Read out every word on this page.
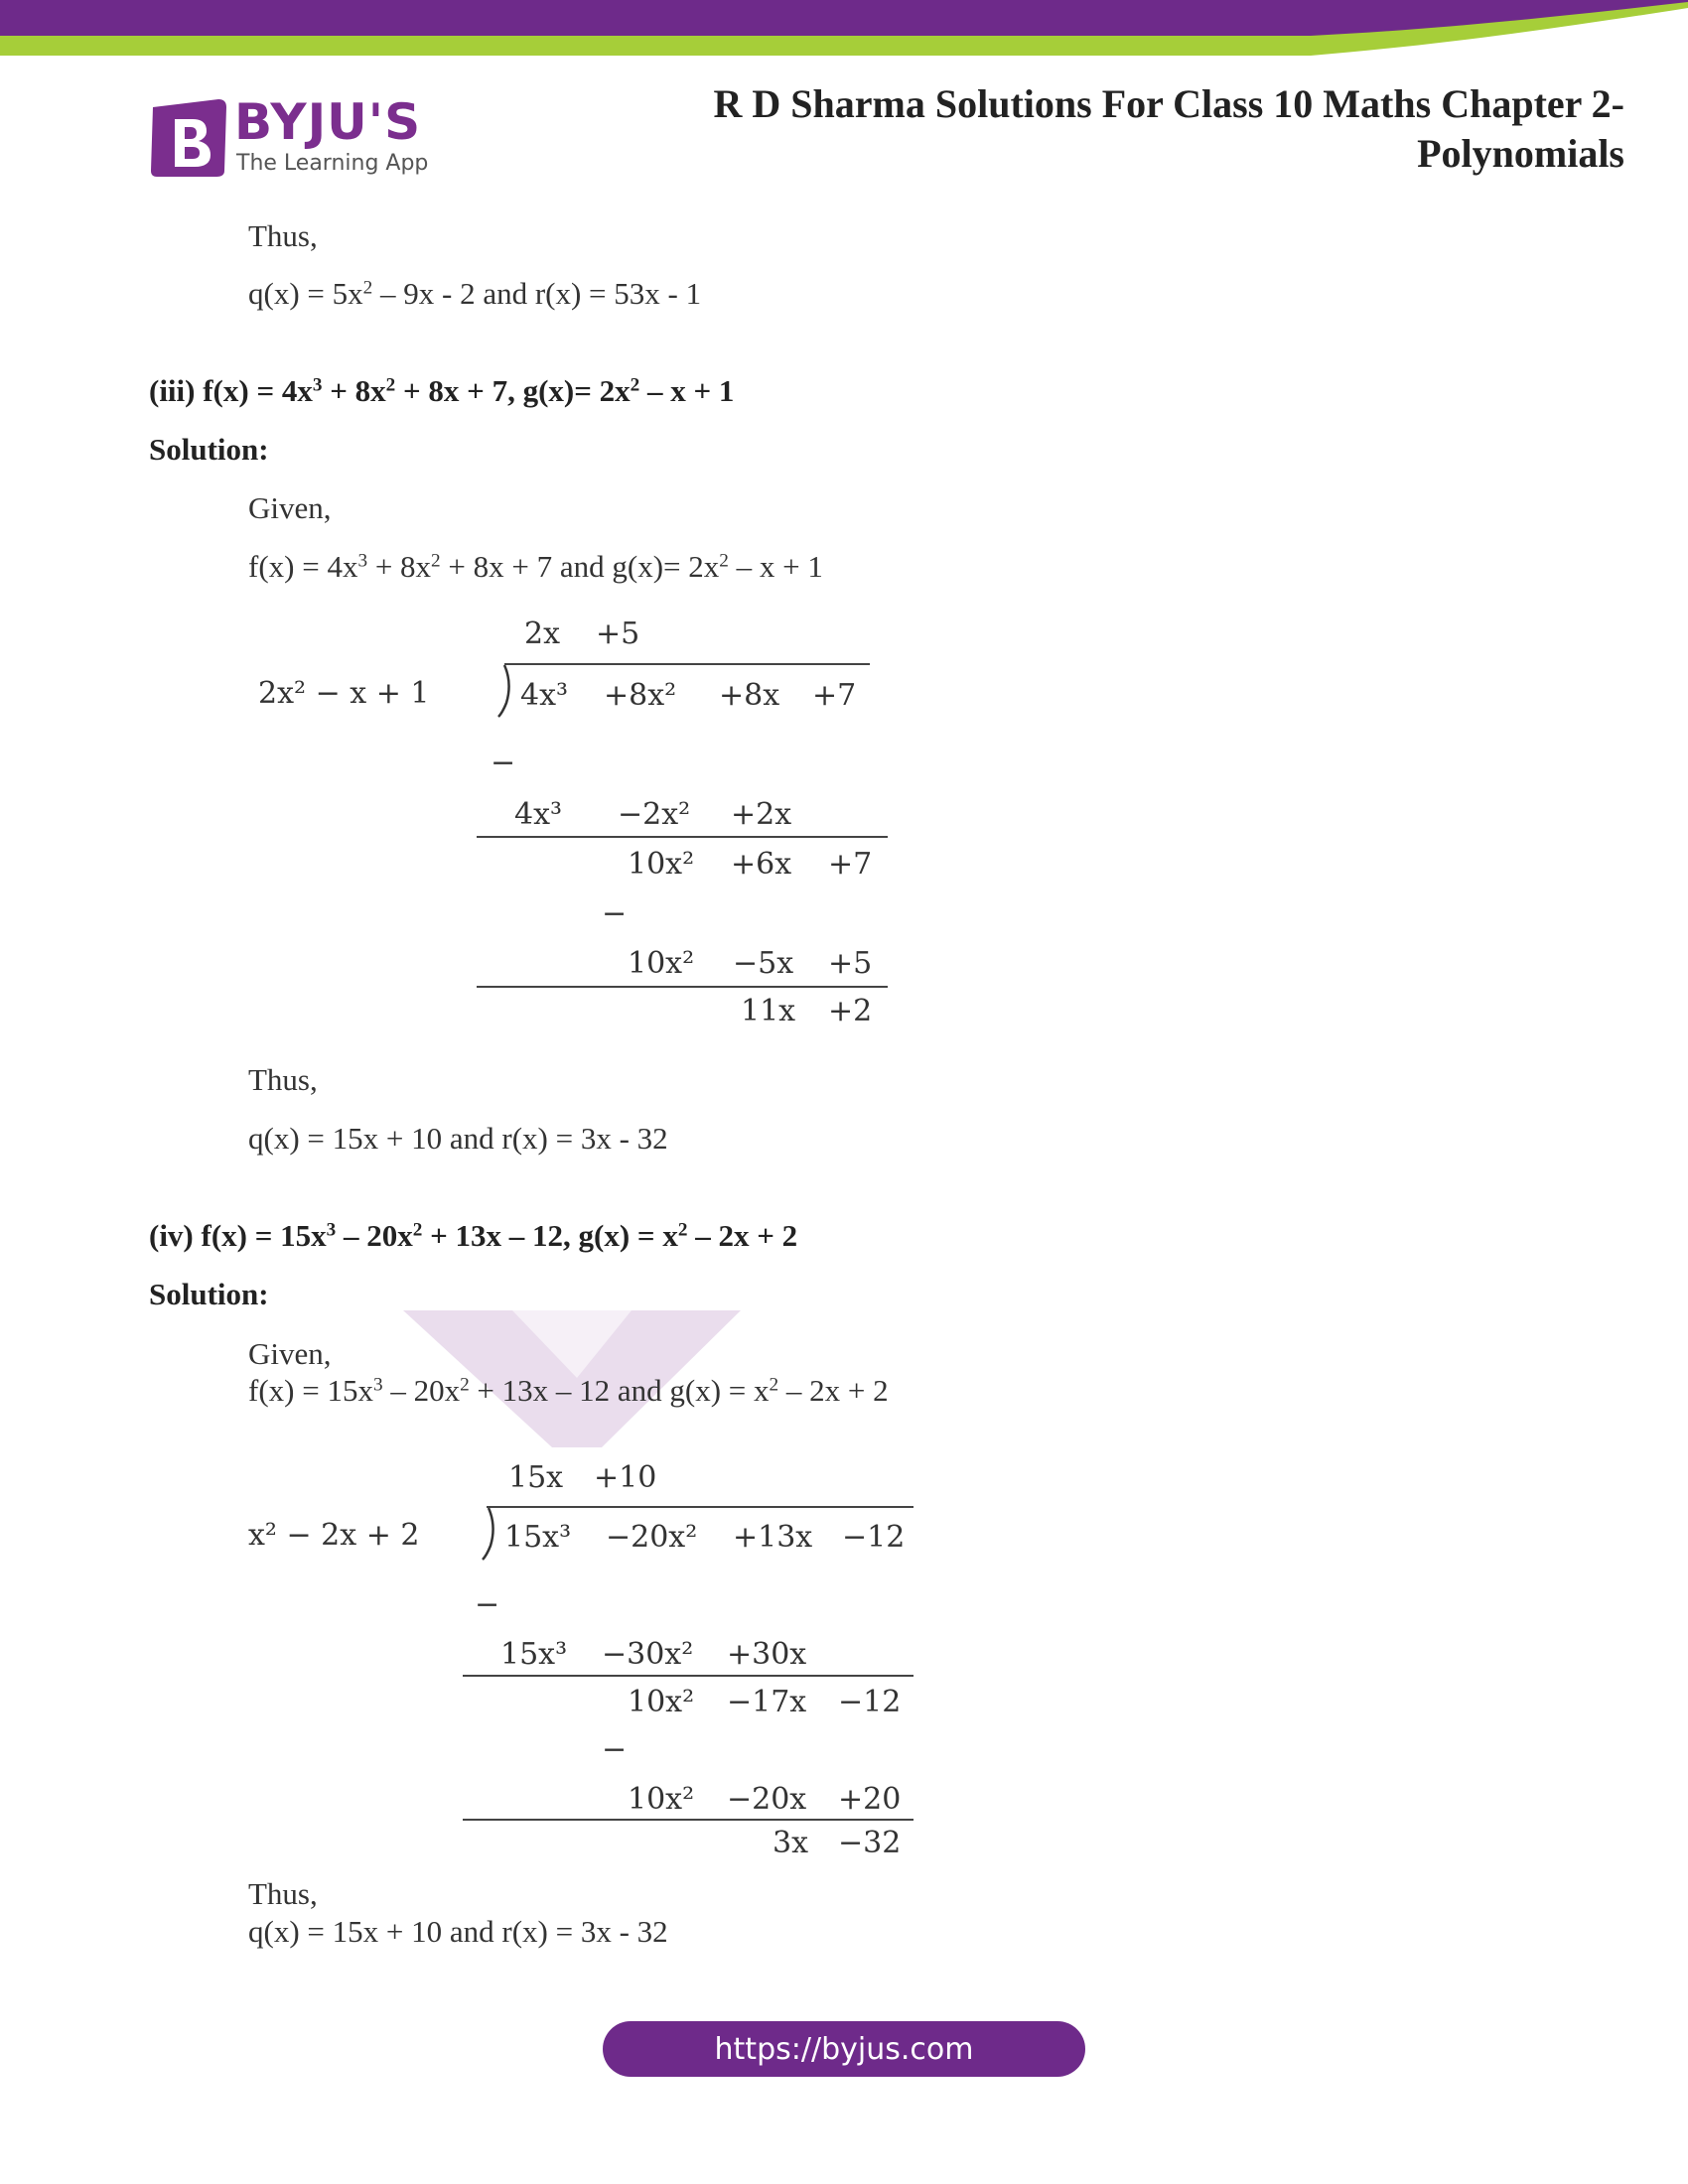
BYJU'S
The Learning App
R D Sharma Solutions For Class 10 Maths Chapter 2-
Polynomials
Thus,
$q(x) = 5x^2 - 9x - 2$ and r(x) = 53x - 1
(iii) $f(x) = 4x^3 + 8x^2 + 8x + 7$, $g(x)= 2x^2 - x + 1$
Solution:
Given,
$f(x) = 4x^3 + 8x^2 + 8x + 7$ and $g(x)= 2x^2 - x + 1$
2x +5
2x² − x + 1	4x³ +8x² +8x +7
−
4x³ −2x² +2x
10x² +6x +7
−
10x² −5x +5
11x +2
Thus,
q(x) = 15x + 10 and r(x) = 3x - 32
(iv) $f(x) = 15x^3 - 20x^2 + 13x - 12$, $g(x) = x^2 - 2x + 2$
Solution:
Given,
$f(x) = 15x^3 - 20x^2 + 13x - 12$ and $g(x) = x^2 - 2x + 2$
15x +10
x² − 2x + 2	15x³ −20x² +13x −12
−
15x³ −30x² +30x
10x² −17x −12
−
10x² −20x +20
3x −32
Thus,
q(x) = 15x + 10 and r(x) = 3x - 32
https://byjus.com
